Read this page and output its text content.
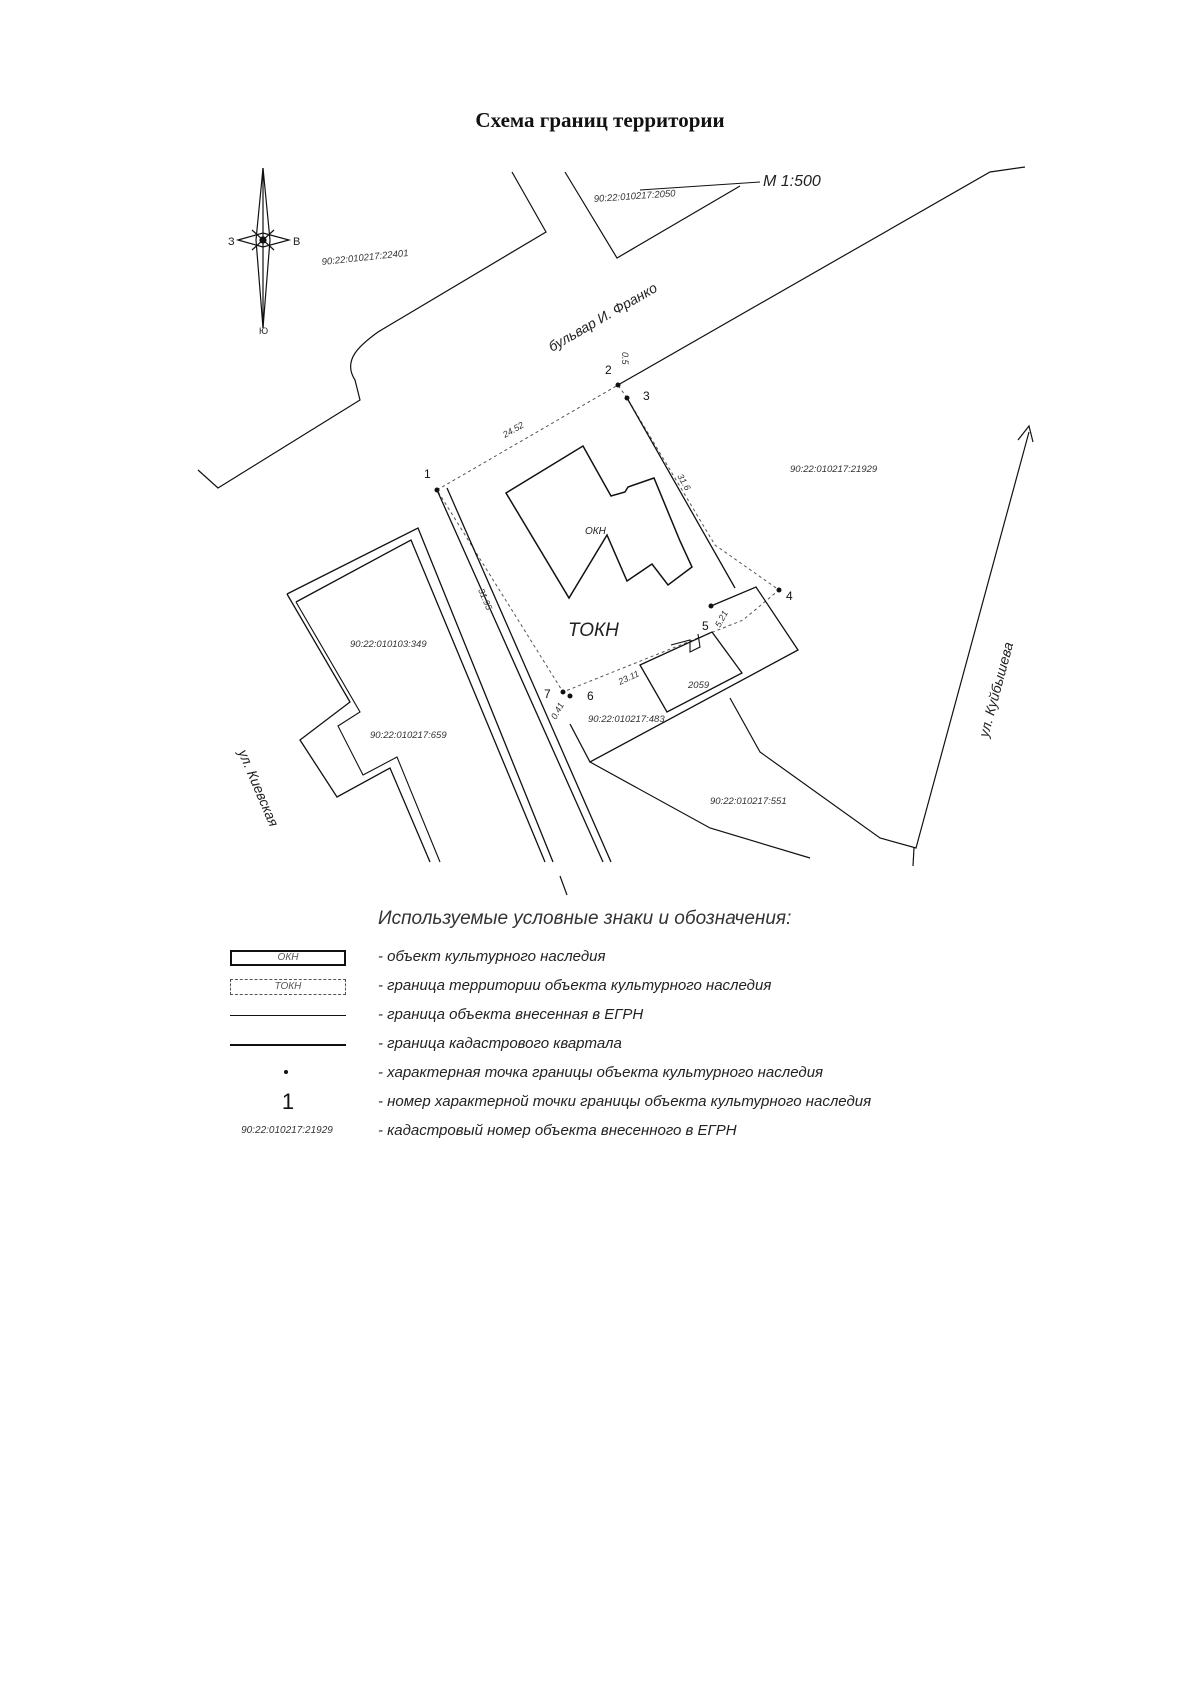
Схема границ территории
З	В
Ю
М 1:500
1
2
3
4
5
6
7
24.52
0.5
31.6
5.21
23.11
0.41
31.95
90:22:010217:22401
90:22:010217:2050
90:22:010217:21929
90:22:010103:349
90:22:010217:659
90:22:010217:483
90:22:010217:551
2059
ОКН
ТОКН
бульвар И. Франко
ул. Киевская
ул. Куйбышева
Используемые условные знаки и обозначения:
ОКН	- объект культурного наследия
ТОКН	- граница территории объекта культурного наследия
- граница объекта внесенная в ЕГРН
- граница кадастрового квартала
- характерная точка границы объекта культурного наследия
1	- номер характерной точки границы объекта культурного наследия
90:22:010217:21929	- кадастровый номер объекта внесенного в ЕГРН
